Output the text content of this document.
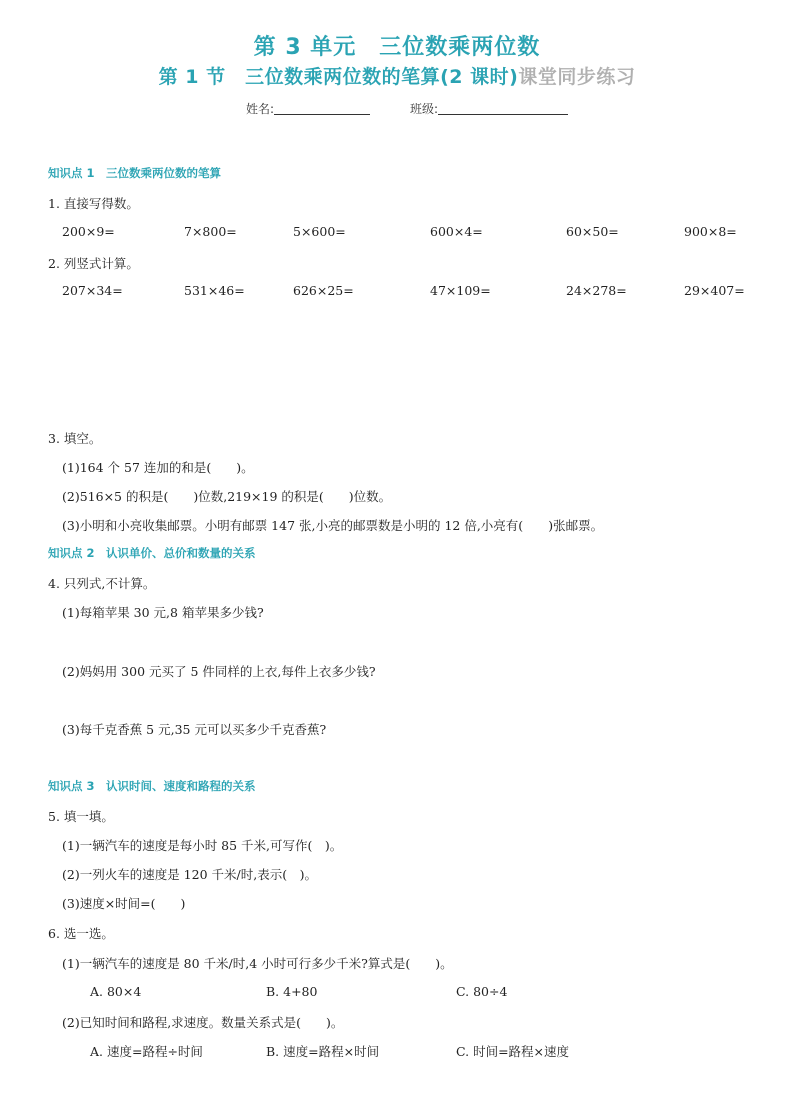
第 3 单元　三位数乘两位数
第 1 节　三位数乘两位数的笔算(2 课时)课堂同步练习
姓名:	班级:
知识点 1　三位数乘两位数的笔算
1. 直接写得数。
200×9=	7×800=	5×600=	600×4=	60×50=	900×8=
2. 列竖式计算。
207×34=	531×46=	626×25=	47×109=	24×278=	29×407=
3. 填空。
(1)164 个 57 连加的和是(　　)。
(2)516×5 的积是(　　)位数,219×19 的积是(　　)位数。
(3)小明和小亮收集邮票。小明有邮票 147 张,小亮的邮票数是小明的 12 倍,小亮有(　　)张邮票。
知识点 2　认识单价、总价和数量的关系
4. 只列式,不计算。
(1)每箱苹果 30 元,8 箱苹果多少钱?
(2)妈妈用 300 元买了 5 件同样的上衣,每件上衣多少钱?
(3)每千克香蕉 5 元,35 元可以买多少千克香蕉?
知识点 3　认识时间、速度和路程的关系
5. 填一填。
(1)一辆汽车的速度是每小时 85 千米,可写作(　)。
(2)一列火车的速度是 120 千米/时,表示(　)。
(3)速度×时间=(　　)
6. 选一选。
(1)一辆汽车的速度是 80 千米/时,4 小时可行多少千米?算式是(　　)。
A. 80×4	B. 4+80	C. 80÷4
(2)已知时间和路程,求速度。数量关系式是(　　)。
A. 速度=路程÷时间	B. 速度=路程×时间	C. 时间=路程×速度
